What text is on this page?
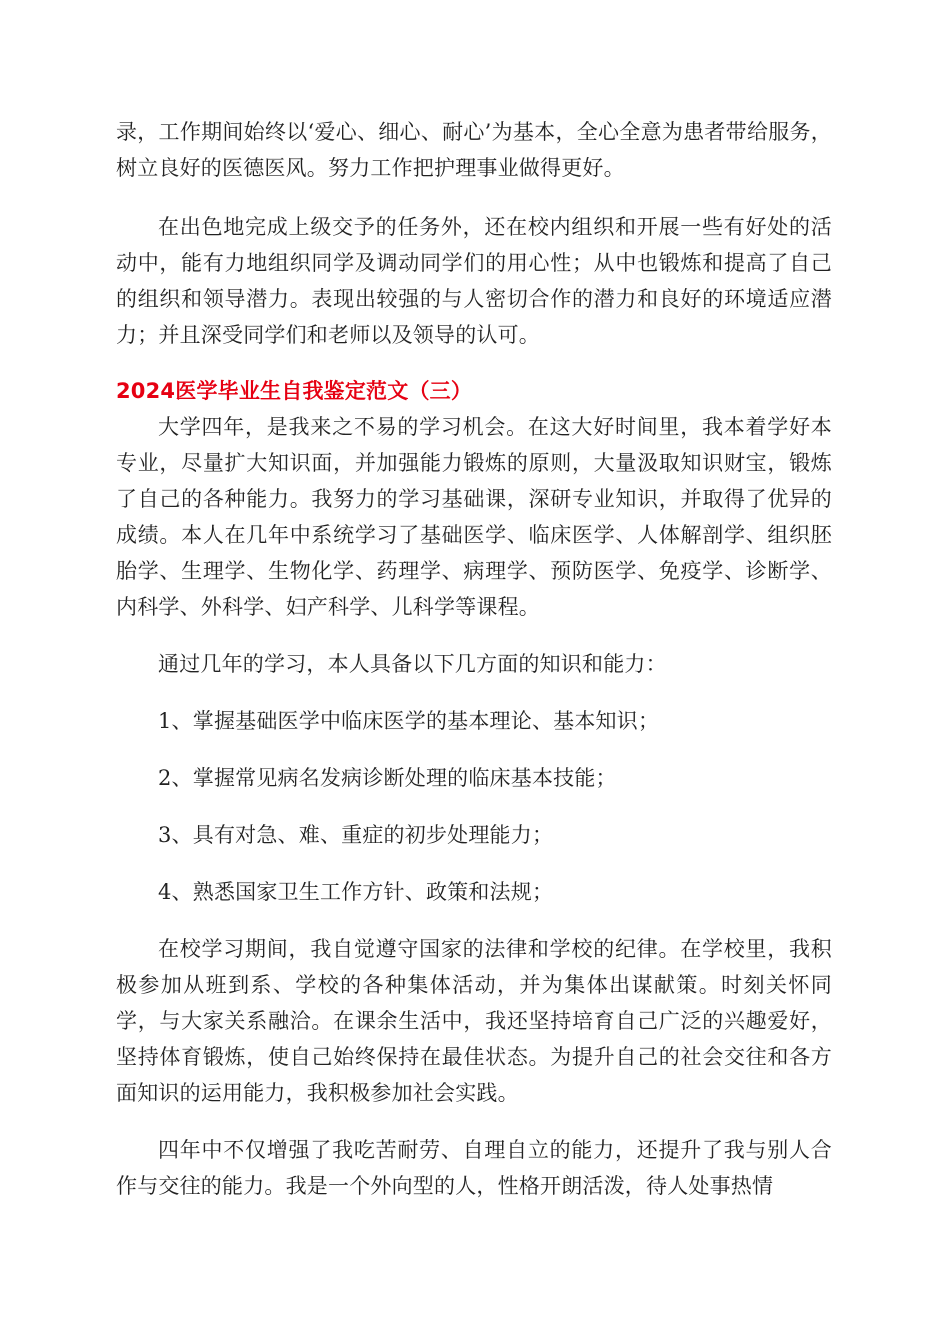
录，工作期间始终以‘爱心、细心、耐心’为基本，全心全意为患者带给服务，树立良好的医德医风。努力工作把护理事业做得更好。

在出色地完成上级交予的任务外，还在校内组织和开展一些有好处的活动中，能有力地组织同学及调动同学们的用心性；从中也锻炼和提高了自己的组织和领导潜力。表现出较强的与人密切合作的潜力和良好的环境适应潜力；并且深受同学们和老师以及领导的认可。

2024医学毕业生自我鉴定范文（三）

大学四年，是我来之不易的学习机会。在这大好时间里，我本着学好本专业，尽量扩大知识面，并加强能力锻炼的原则，大量汲取知识财宝，锻炼了自己的各种能力。我努力的学习基础课，深研专业知识，并取得了优异的成绩。本人在几年中系统学习了基础医学、临床医学、人体解剖学、组织胚胎学、生理学、生物化学、药理学、病理学、预防医学、免疫学、诊断学、内科学、外科学、妇产科学、儿科学等课程。

通过几年的学习，本人具备以下几方面的知识和能力：

1、掌握基础医学中临床医学的基本理论、基本知识；

2、掌握常见病名发病诊断处理的临床基本技能；

3、具有对急、难、重症的初步处理能力；

4、熟悉国家卫生工作方针、政策和法规；

在校学习期间，我自觉遵守国家的法律和学校的纪律。在学校里，我积极参加从班到系、学校的各种集体活动，并为集体出谋献策。时刻关怀同学，与大家关系融洽。在课余生活中，我还坚持培育自己广泛的兴趣爱好，坚持体育锻炼，使自己始终保持在最佳状态。为提升自己的社会交往和各方面知识的运用能力，我积极参加社会实践。

四年中不仅增强了我吃苦耐劳、自理自立的能力，还提升了我与别人合作与交往的能力。我是一个外向型的人，性格开朗活泼，待人处事热情
